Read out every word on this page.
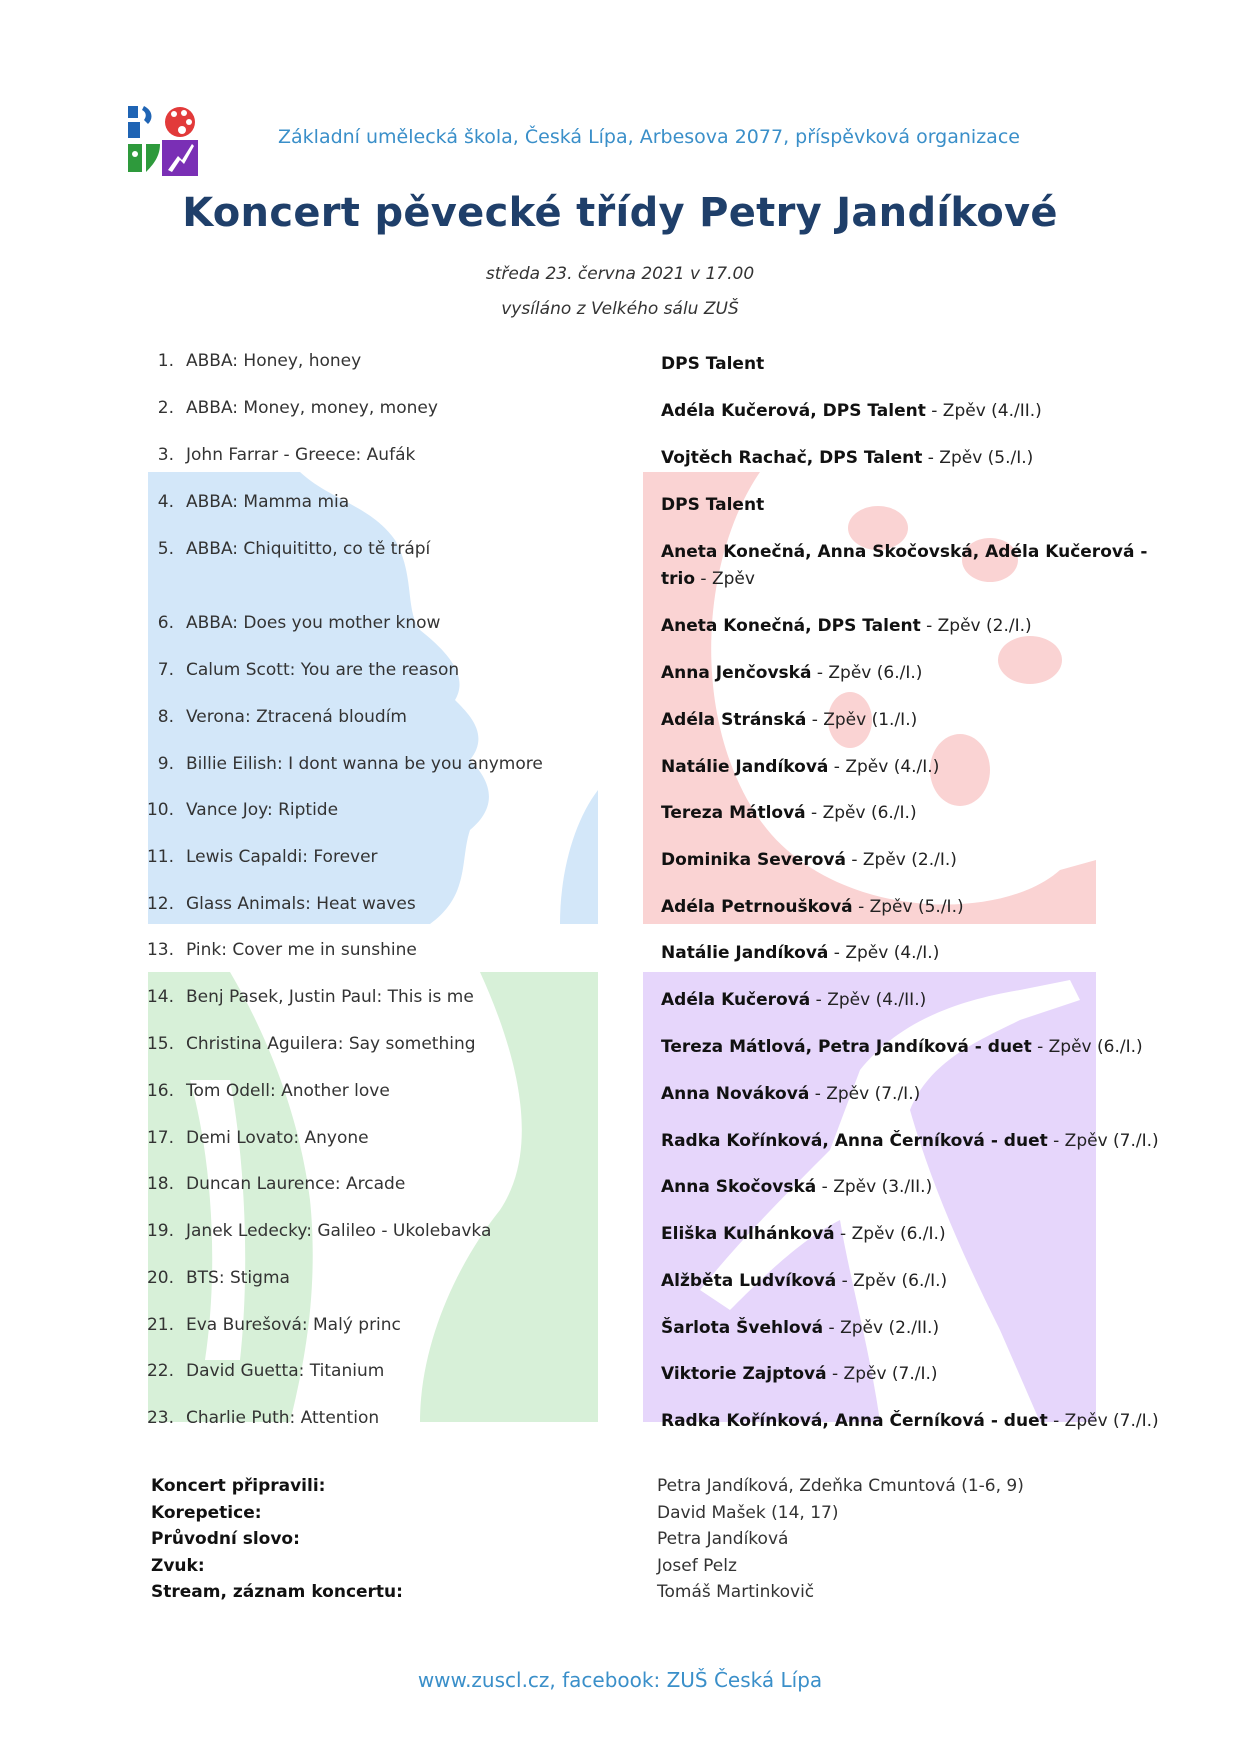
Základní umělecká škola, Česká Lípa, Arbesova 2077, příspěvková organizace
Koncert pěvecké třídy Petry Jandíkové
středa 23. června 2021 v 17.00
vysíláno z Velkého sálu ZUŠ
1. ABBA: Honey, honey	DPS Talent
2. ABBA: Money, money, money	Adéla Kučerová, DPS Talent - Zpěv (4./II.)
3. John Farrar - Greece: Aufák	Vojtěch Rachač, DPS Talent - Zpěv (5./I.)
4. ABBA: Mamma mia	DPS Talent
5. ABBA: Chiquititto, co tě trápí	Aneta Konečná, Anna Skočovská, Adéla Kučerová - trio - Zpěv
6. ABBA: Does you mother know	Aneta Konečná, DPS Talent - Zpěv (2./I.)
7. Calum Scott: You are the reason	Anna Jenčovská - Zpěv (6./I.)
8. Verona: Ztracená bloudím	Adéla Stránská - Zpěv (1./I.)
9. Billie Eilish: I dont wanna be you anymore	Natálie Jandíková - Zpěv (4./I.)
10. Vance Joy: Riptide	Tereza Mátlová - Zpěv (6./I.)
11. Lewis Capaldi: Forever	Dominika Severová - Zpěv (2./I.)
12. Glass Animals: Heat waves	Adéla Petrnoušková - Zpěv (5./I.)
13. Pink: Cover me in sunshine	Natálie Jandíková - Zpěv (4./I.)
14. Benj Pasek, Justin Paul: This is me	Adéla Kučerová - Zpěv (4./II.)
15. Christina Aguilera: Say something	Tereza Mátlová, Petra Jandíková - duet - Zpěv (6./I.)
16. Tom Odell: Another love	Anna Nováková - Zpěv (7./I.)
17. Demi Lovato: Anyone	Radka Kořínková, Anna Černíková - duet - Zpěv (7./I.)
18. Duncan Laurence: Arcade	Anna Skočovská - Zpěv (3./II.)
19. Janek Ledecky: Galileo - Ukolebavka	Eliška Kulhánková - Zpěv (6./I.)
20. BTS: Stigma	Alžběta Ludvíková - Zpěv (6./I.)
21. Eva Burešová: Malý princ	Šarlota Švehlová - Zpěv (2./II.)
22. David Guetta: Titanium	Viktorie Zajptová - Zpěv (7./I.)
23. Charlie Puth: Attention	Radka Kořínková, Anna Černíková - duet - Zpěv (7./I.)
Koncert připravili:	Petra Jandíková, Zdeňka Cmuntová (1-6, 9)
Korepetice:	David Mašek (14, 17)
Průvodní slovo:	Petra Jandíková
Zvuk:	Josef Pelz
Stream, záznam koncertu:	Tomáš Martinkovič
www.zuscl.cz, facebook: ZUŠ Česká Lípa
